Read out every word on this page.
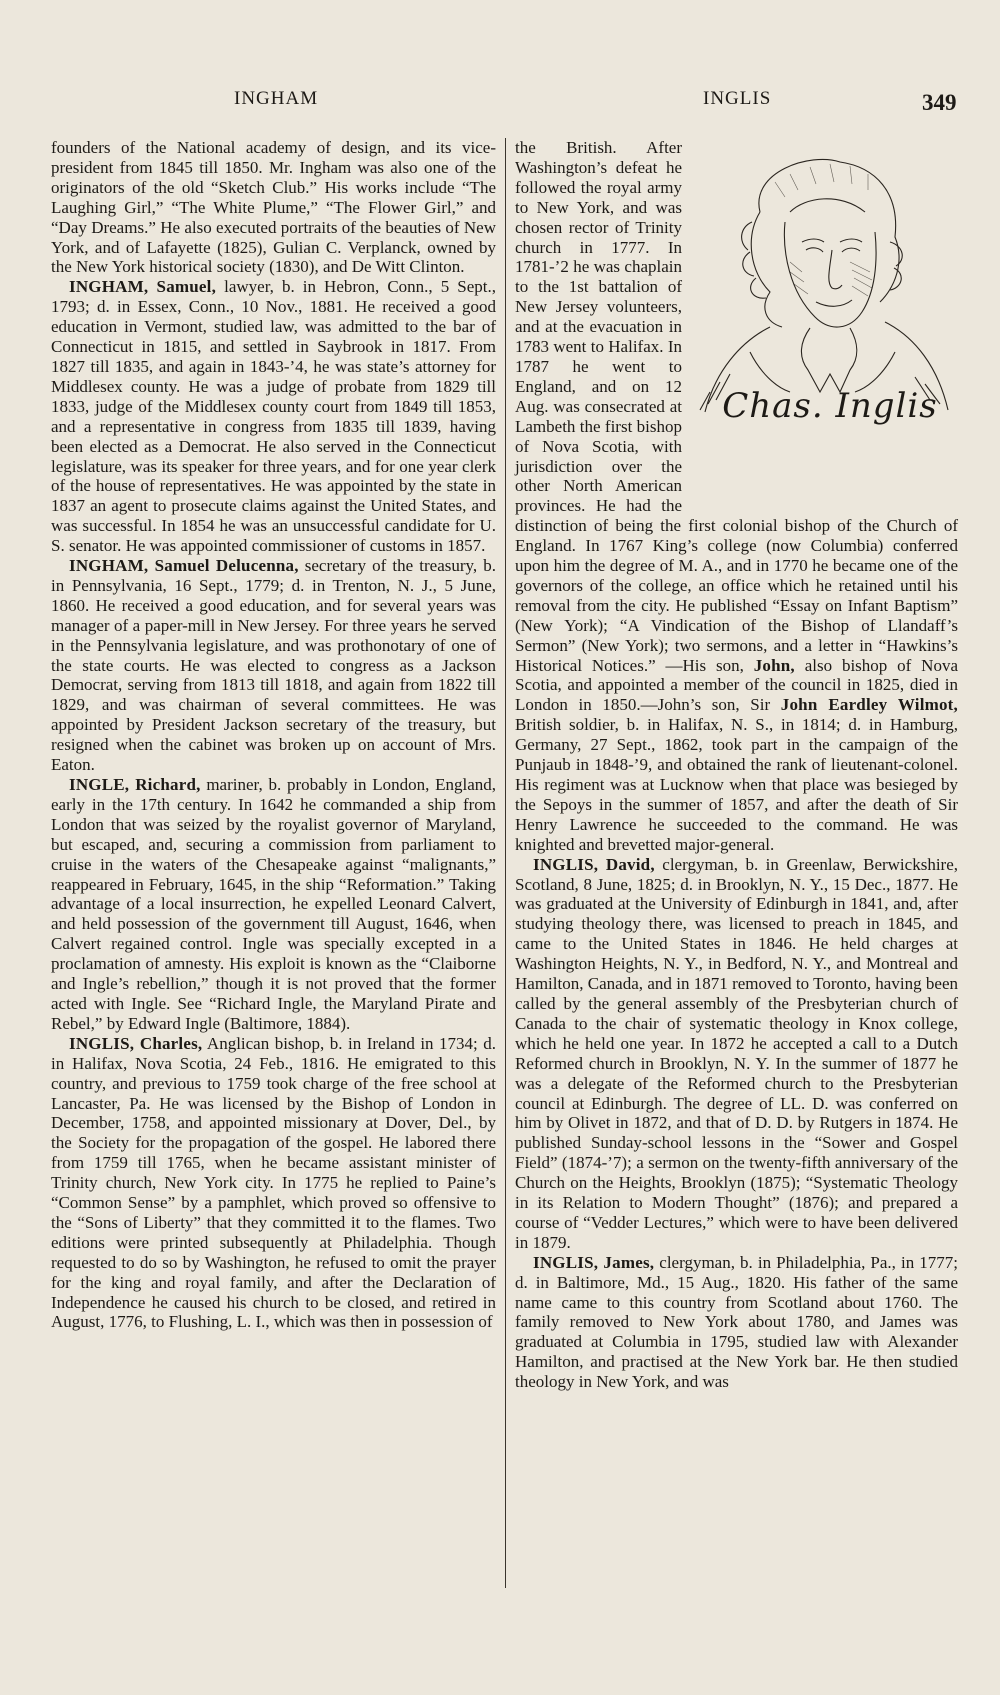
INGHAM	INGLIS	349

founders of the National academy of design, and its vice-president from 1845 till 1850. Mr. Ingham was also one of the originators of the old “Sketch Club.” His works include “The Laughing Girl,” “The White Plume,” “The Flower Girl,” and “Day Dreams.” He also executed portraits of the beauties of New York, and of Lafayette (1825), Gulian C. Verplanck, owned by the New York historical society (1830), and De Witt Clinton.

INGHAM, Samuel, lawyer, b. in Hebron, Conn., 5 Sept., 1793; d. in Essex, Conn., 10 Nov., 1881. He received a good education in Vermont, studied law, was admitted to the bar of Connecticut in 1815, and settled in Saybrook in 1817. From 1827 till 1835, and again in 1843-’4, he was state’s attorney for Middlesex county. He was a judge of probate from 1829 till 1833, judge of the Middlesex county court from 1849 till 1853, and a representative in congress from 1835 till 1839, having been elected as a Democrat. He also served in the Connecticut legislature, was its speaker for three years, and for one year clerk of the house of representatives. He was appointed by the state in 1837 an agent to prosecute claims against the United States, and was successful. In 1854 he was an unsuccessful candidate for U. S. senator. He was appointed commissioner of customs in 1857.

INGHAM, Samuel Delucenna, secretary of the treasury, b. in Pennsylvania, 16 Sept., 1779; d. in Trenton, N. J., 5 June, 1860. He received a good education, and for several years was manager of a paper-mill in New Jersey. For three years he served in the Pennsylvania legislature, and was prothonotary of one of the state courts. He was elected to congress as a Jackson Democrat, serving from 1813 till 1818, and again from 1822 till 1829, and was chairman of several committees. He was appointed by President Jackson secretary of the treasury, but resigned when the cabinet was broken up on account of Mrs. Eaton.

INGLE, Richard, mariner, b. probably in London, England, early in the 17th century. In 1642 he commanded a ship from London that was seized by the royalist governor of Maryland, but escaped, and, securing a commission from parliament to cruise in the waters of the Chesapeake against “malignants,” reappeared in February, 1645, in the ship “Reformation.” Taking advantage of a local insurrection, he expelled Leonard Calvert, and held possession of the government till August, 1646, when Calvert regained control. Ingle was specially excepted in a proclamation of amnesty. His exploit is known as the “Claiborne and Ingle’s rebellion,” though it is not proved that the former acted with Ingle. See “Richard Ingle, the Maryland Pirate and Rebel,” by Edward Ingle (Baltimore, 1884).

INGLIS, Charles, Anglican bishop, b. in Ireland in 1734; d. in Halifax, Nova Scotia, 24 Feb., 1816. He emigrated to this country, and previous to 1759 took charge of the free school at Lancaster, Pa. He was licensed by the Bishop of London in December, 1758, and appointed missionary at Dover, Del., by the Society for the propagation of the gospel. He labored there from 1759 till 1765, when he became assistant minister of Trinity church, New York city. In 1775 he replied to Paine’s “Common Sense” by a pamphlet, which proved so offensive to the “Sons of Liberty” that they committed it to the flames. Two editions were printed subsequently at Philadelphia. Though requested to do so by Washington, he refused to omit the prayer for the king and royal family, and after the Declaration of Independence he caused his church to be closed, and retired in August, 1776, to Flushing, L. I., which was then in possession of

Chas. Inglis

the British. After Washington’s defeat he followed the royal army to New York, and was chosen rector of Trinity church in 1777. In 1781-’2 he was chaplain to the 1st battalion of New Jersey volunteers, and at the evacuation in 1783 went to Halifax. In 1787 he went to England, and on 12 Aug. was consecrated at Lambeth the first bishop of Nova Scotia, with jurisdiction over the other North American provinces. He had the distinction of being the first colonial bishop of the Church of England. In 1767 King’s college (now Columbia) conferred upon him the degree of M. A., and in 1770 he became one of the governors of the college, an office which he retained until his removal from the city. He published “Essay on Infant Baptism” (New York); “A Vindication of the Bishop of Llandaff’s Sermon” (New York); two sermons, and a letter in “Hawkins’s Historical Notices.” —His son, John, also bishop of Nova Scotia, and appointed a member of the council in 1825, died in London in 1850.—John’s son, Sir John Eardley Wilmot, British soldier, b. in Halifax, N. S., in 1814; d. in Hamburg, Germany, 27 Sept., 1862, took part in the campaign of the Punjaub in 1848-’9, and obtained the rank of lieutenant-colonel. His regiment was at Lucknow when that place was besieged by the Sepoys in the summer of 1857, and after the death of Sir Henry Lawrence he succeeded to the command. He was knighted and brevetted major-general.

INGLIS, David, clergyman, b. in Greenlaw, Berwickshire, Scotland, 8 June, 1825; d. in Brooklyn, N. Y., 15 Dec., 1877. He was graduated at the University of Edinburgh in 1841, and, after studying theology there, was licensed to preach in 1845, and came to the United States in 1846. He held charges at Washington Heights, N. Y., in Bedford, N. Y., and Montreal and Hamilton, Canada, and in 1871 removed to Toronto, having been called by the general assembly of the Presbyterian church of Canada to the chair of systematic theology in Knox college, which he held one year. In 1872 he accepted a call to a Dutch Reformed church in Brooklyn, N. Y. In the summer of 1877 he was a delegate of the Reformed church to the Presbyterian council at Edinburgh. The degree of LL. D. was conferred on him by Olivet in 1872, and that of D. D. by Rutgers in 1874. He published Sunday-school lessons in the “Sower and Gospel Field” (1874-’7); a sermon on the twenty-fifth anniversary of the Church on the Heights, Brooklyn (1875); “Systematic Theology in its Relation to Modern Thought” (1876); and prepared a course of “Vedder Lectures,” which were to have been delivered in 1879.

INGLIS, James, clergyman, b. in Philadelphia, Pa., in 1777; d. in Baltimore, Md., 15 Aug., 1820. His father of the same name came to this country from Scotland about 1760. The family removed to New York about 1780, and James was graduated at Columbia in 1795, studied law with Alexander Hamilton, and practised at the New York bar. He then studied theology in New York, and was
